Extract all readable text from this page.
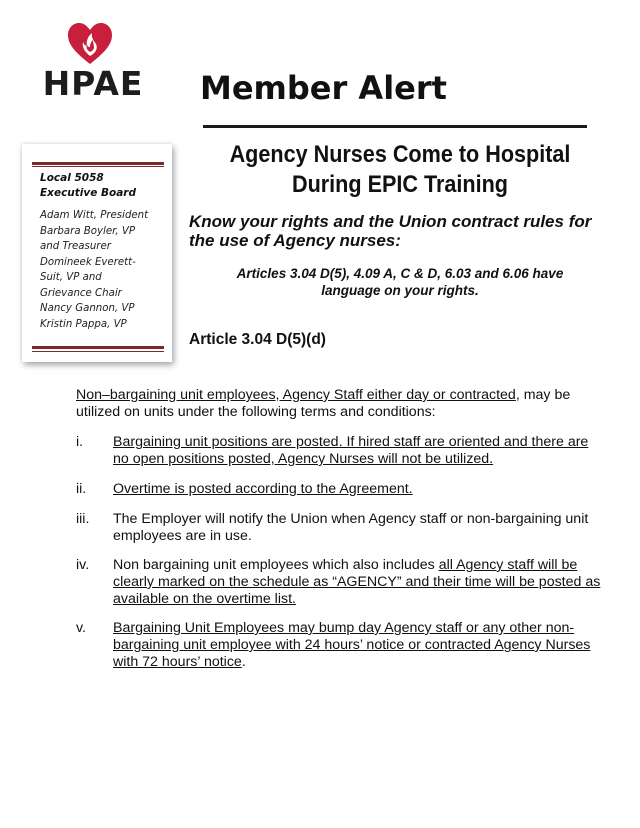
HPAE Member Alert
Local 5058 Executive Board
Adam Witt, President
Barbara Boyler, VP
and Treasurer
Domineek Everett-
Suit, VP and
Grievance Chair
Nancy Gannon, VP
Kristin Pappa, VP
Agency Nurses Come to Hospital During EPIC Training
Know your rights and the Union contract rules for the use of Agency nurses:
Articles 3.04 D(5), 4.09 A, C & D, 6.03 and 6.06 have language on your rights.
Article 3.04 D(5)(d)
Non–bargaining unit employees, Agency Staff either day or contracted, may be utilized on units under the following terms and conditions:
i.	Bargaining unit positions are posted. If hired staff are oriented and there are no open positions posted, Agency Nurses will not be utilized.
ii.	Overtime is posted according to the Agreement.
iii.	The Employer will notify the Union when Agency staff or non-bargaining unit employees are in use.
iv.	Non bargaining unit employees which also includes all Agency staff will be clearly marked on the schedule as “AGENCY” and their time will be posted as available on the overtime list.
v.	Bargaining Unit Employees may bump day Agency staff or any other non-bargaining unit employee with 24 hours’ notice or contracted Agency Nurses with 72 hours’ notice.
